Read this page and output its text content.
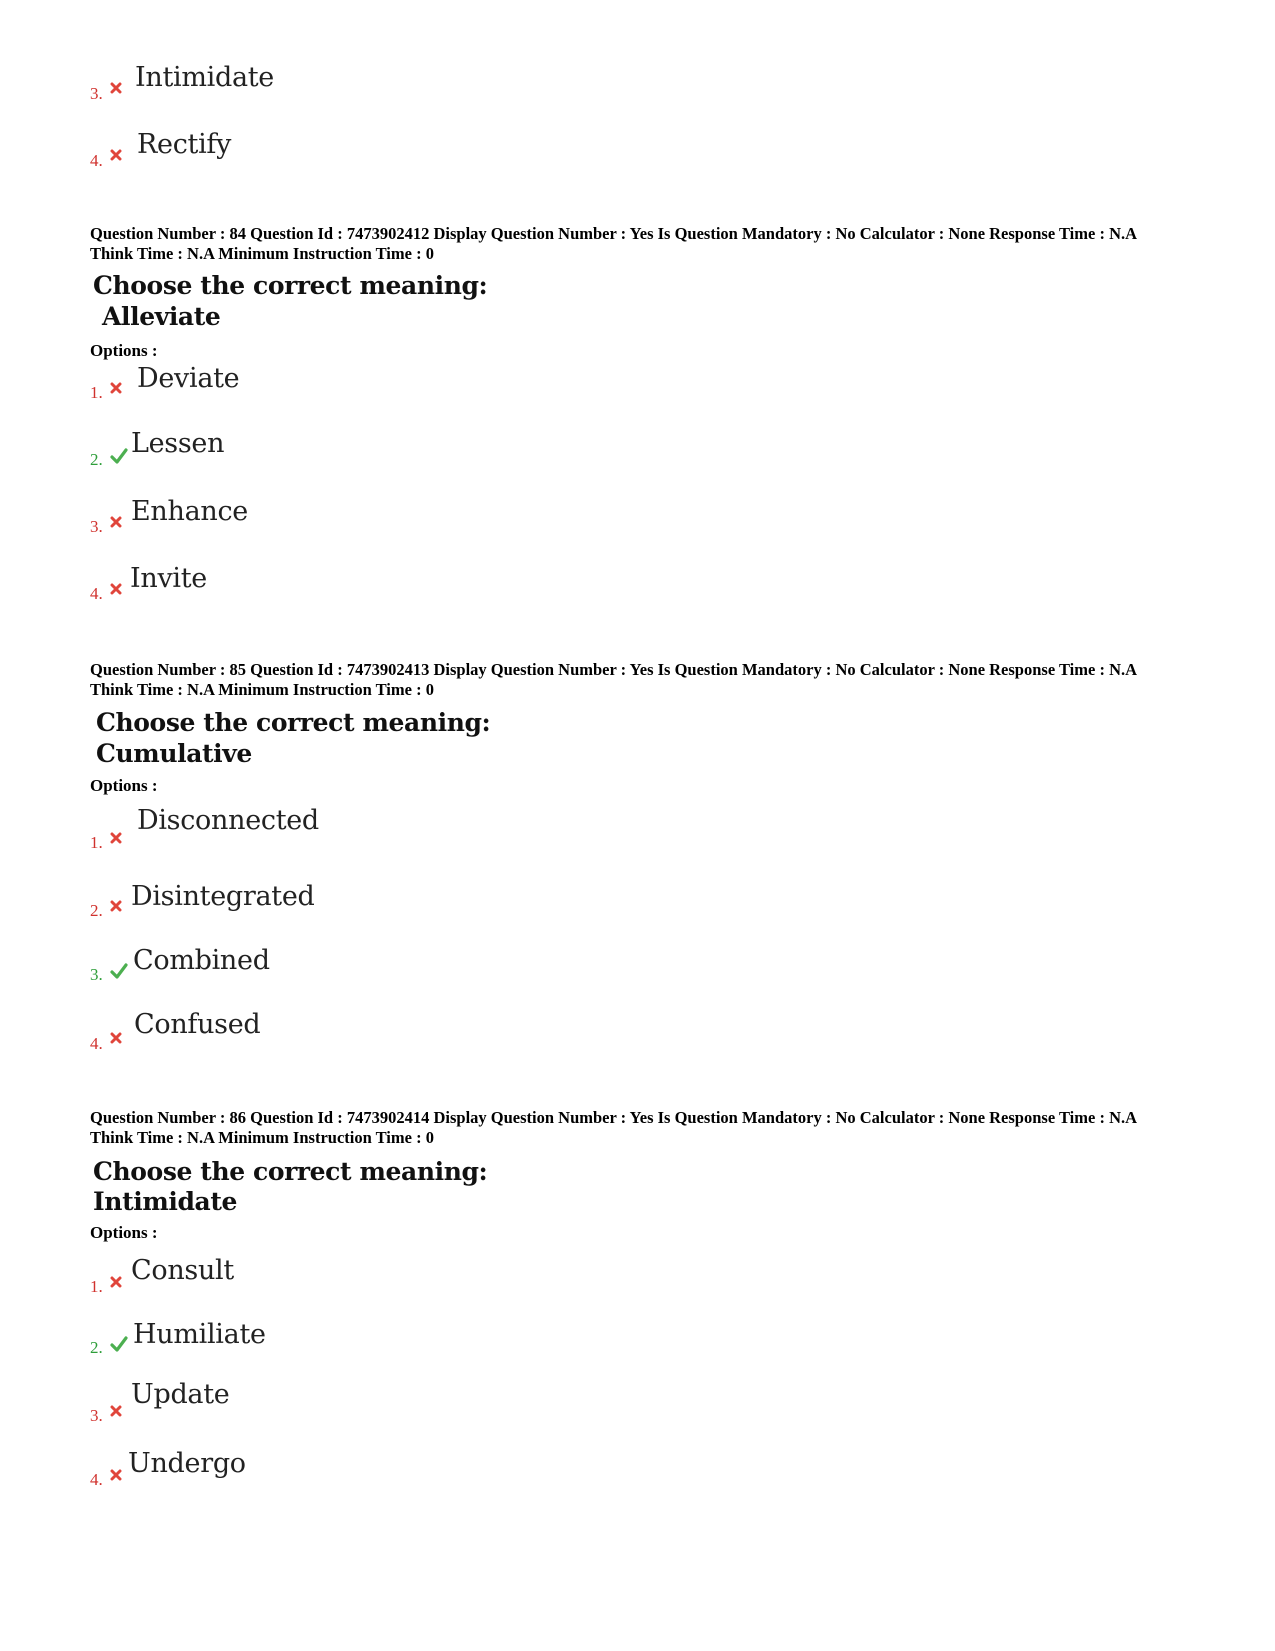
3.
Intimidate
4.
Rectify
Question Number : 84 Question Id : 7473902412 Display Question Number : Yes Is Question Mandatory : No Calculator : None Response Time : N.A Think Time : N.A Minimum Instruction Time : 0
Choose the correct meaning:
Alleviate
Options :
1. Deviate
2.
Lessen
3. Enhance
4. Invite
Question Number : 85 Question Id : 7473902413 Display Question Number : Yes Is Question Mandatory : No Calculator : None Response Time : N.A Think Time : N.A Minimum Instruction Time : 0
Choose the correct meaning:
Cumulative
Options :
1.
Disconnected
2. Disintegrated
3. Combined
4.
Confused
Question Number : 86 Question Id : 7473902414 Display Question Number : Yes Is Question Mandatory : No Calculator : None Response Time : N.A Think Time : N.A Minimum Instruction Time : 0
Choose the correct meaning:
Intimidate
Options :
1.
Consult
2. Humiliate
3.
Update
4.
Undergo
